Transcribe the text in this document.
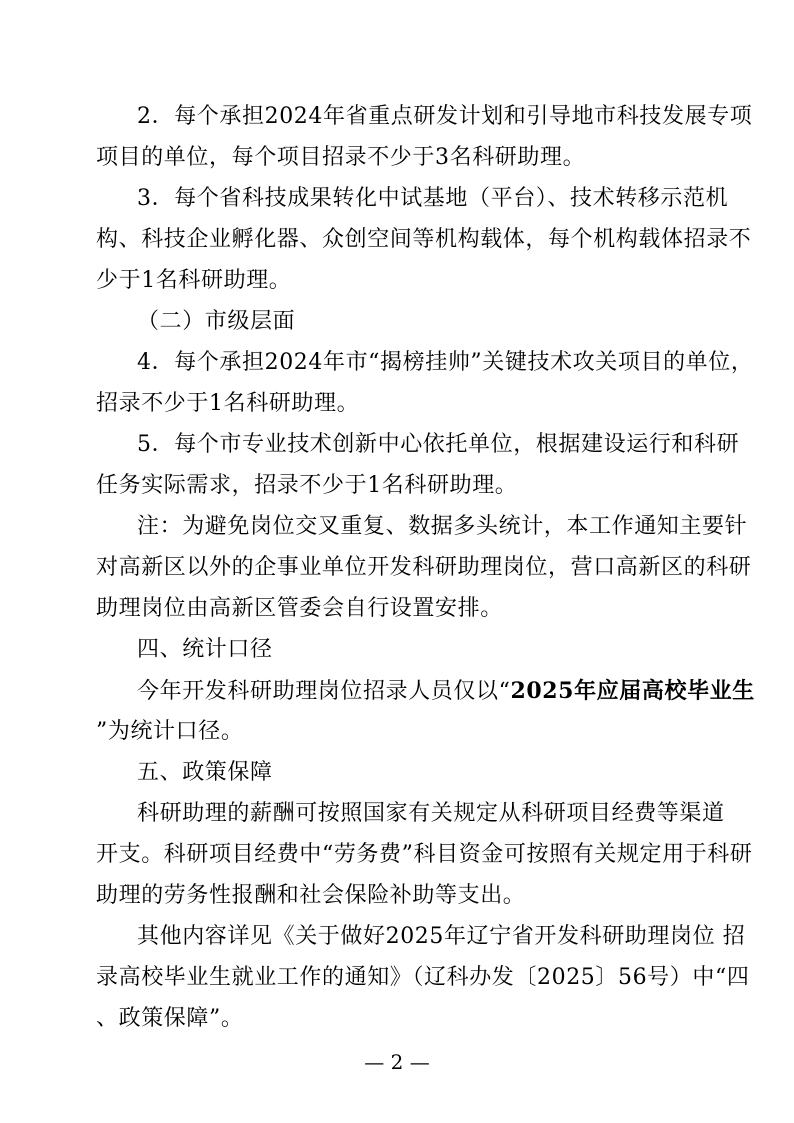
2．每个承担2024年省重点研发计划和引导地市科技发展专项
项目的单位，每个项目招录不少于3名科研助理。
3．每个省科技成果转化中试基地（平台）、技术转移示范机
构、科技企业孵化器、众创空间等机构载体，每个机构载体招录不
少于1名科研助理。
（二）市级层面
4．每个承担2024年市“揭榜挂帅”关键技术攻关项目的单位，
招录不少于1名科研助理。
5．每个市专业技术创新中心依托单位，根据建设运行和科研
任务实际需求，招录不少于1名科研助理。
注：为避免岗位交叉重复、数据多头统计，本工作通知主要针
对高新区以外的企事业单位开发科研助理岗位，营口高新区的科研
助理岗位由高新区管委会自行设置安排。
四、统计口径
今年开发科研助理岗位招录人员仅以“2025年应届高校毕业生
”为统计口径。
五、政策保障
科研助理的薪酬可按照国家有关规定从科研项目经费等渠道
开支。科研项目经费中“劳务费”科目资金可按照有关规定用于科研
助理的劳务性报酬和社会保险补助等支出。
其他内容详见《关于做好2025年辽宁省开发科研助理岗位 招
录高校毕业生就业工作的通知》（辽科办发〔2025〕56号）中“四
、政策保障”。
— 2 —
